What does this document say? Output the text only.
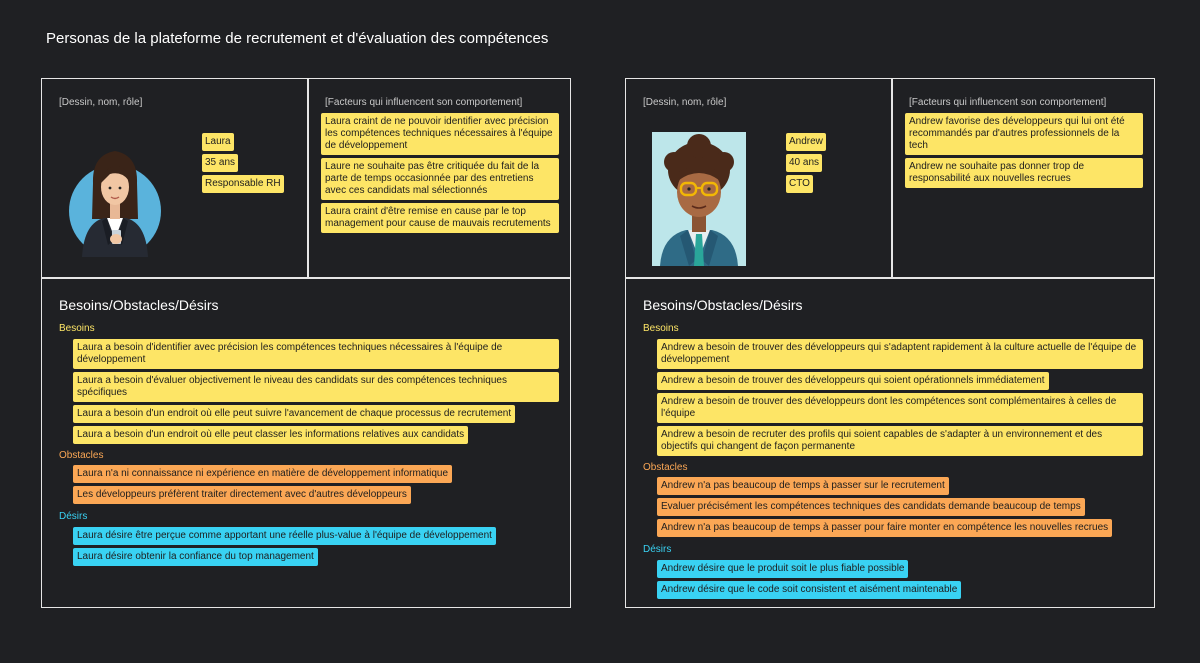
Personas de la plateforme de recrutement et d'évaluation des compétences
[Dessin, nom, rôle]	[Facteurs qui influencent son comportement]
Laura
35 ans
Responsable RH
Laura craint de ne pouvoir identifier avec précision les compétences techniques nécessaires à l'équipe de développement
Laure ne souhaite pas être critiquée du fait de la parte de temps occasionnée par des entretiens avec ces candidats mal sélectionnés
Laura craint d'être remise en cause par le top management pour cause de mauvais recrutements
Besoins/Obstacles/Désirs
Besoins
Laura a besoin d'identifier avec précision les compétences techniques nécessaires à l'équipe de développement
Laura a besoin d'évaluer objectivement le niveau des candidats sur des compétences techniques spécifiques
Laura a besoin d'un endroit où elle peut suivre l'avancement de chaque processus de recrutement
Laura a besoin d'un endroit où elle peut classer les informations relatives aux candidats
Obstacles
Laura n'a ni connaissance ni expérience en matière de développement informatique
Les développeurs préfèrent traiter directement avec d'autres développeurs
Désirs
Laura désire être perçue comme apportant une réelle plus-value à l'équipe de développement
Laura désire obtenir la confiance du top management
[Dessin, nom, rôle]	[Facteurs qui influencent son comportement]
Andrew
40 ans
CTO
Andrew favorise des développeurs qui lui ont été recommandés par d'autres professionnels de la tech
Andrew ne souhaite pas donner trop de responsabilité aux nouvelles recrues
Besoins/Obstacles/Désirs
Besoins
Andrew a besoin de trouver des développeurs qui s'adaptent rapidement à la culture actuelle de l'équipe de développement
Andrew a besoin de trouver des développeurs qui soient opérationnels immédiatement
Andrew a besoin de trouver des développeurs dont les compétences sont complémentaires à celles de l'équipe
Andrew a besoin de recruter des profils qui soient capables de s'adapter à un environnement et des objectifs qui changent de façon permanente
Obstacles
Andrew n'a pas beaucoup de temps à passer sur le recrutement
Evaluer précisément les compétences techniques des candidats demande beaucoup de temps
Andrew n'a pas beaucoup de temps à passer pour faire monter en compétence les nouvelles recrues
Désirs
Andrew désire que le produit soit le plus fiable possible
Andrew désire que le code soit consistent et aisément maintenable
